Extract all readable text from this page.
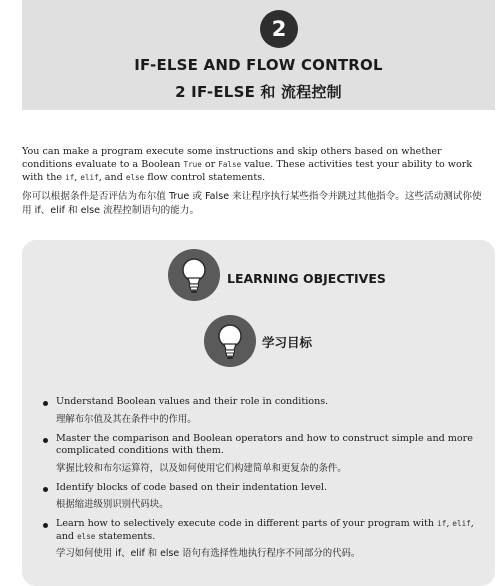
2
IF-ELSE AND FLOW CONTROL
2 IF-ELSE 和 流程控制

You can make a program execute some instructions and skip others based on whether conditions evaluate to a Boolean True or False value. These activities test your ability to work with the if, elif, and else flow control statements.

你可以根据条件是否评估为布尔值 True 或 False 来让程序执行某些指令并跳过其他指令。这些活动测试你使用 if、elif 和 else 流程控制语句的能力。

LEARNING OBJECTIVES
学习目标
Understand Boolean values and their role in conditions.
理解布尔值及其在条件中的作用。
Master the comparison and Boolean operators and how to construct simple and more complicated conditions with them.
掌握比较和布尔运算符，以及如何使用它们构建简单和更复杂的条件。
Identify blocks of code based on their indentation level.
根据缩进级别识别代码块。
Learn how to selectively execute code in different parts of your program with if, elif, and else statements.
学习如何使用 if、elif 和 else 语句有选择性地执行程序不同部分的代码。
